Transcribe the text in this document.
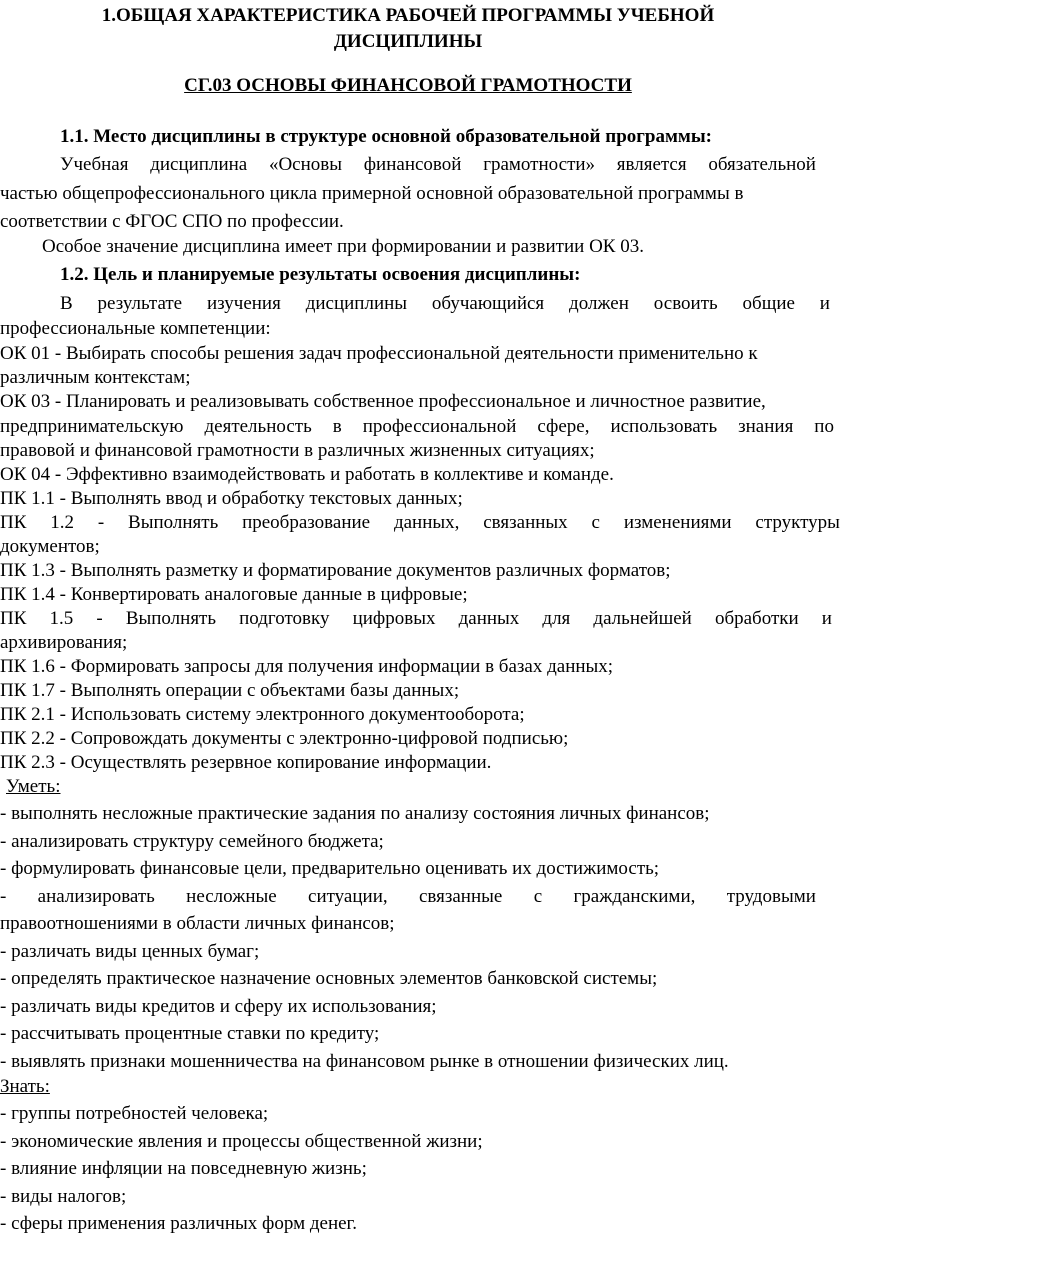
1.ОБЩАЯ ХАРАКТЕРИСТИКА РАБОЧЕЙ ПРОГРАММЫ УЧЕБНОЙ
ДИСЦИПЛИНЫ
СГ.03 ОСНОВЫ ФИНАНСОВОЙ ГРАМОТНОСТИ
1.1. Место дисциплины в структуре основной образовательной программы:
Учебная дисциплина «Основы финансовой грамотности» является обязательной
частью общепрофессионального цикла примерной основной образовательной программы в
соответствии с ФГОС СПО по профессии.
Особое значение дисциплина имеет при формировании и развитии ОК 03.
1.2. Цель и планируемые результаты освоения дисциплины:
В результате изучения дисциплины обучающийся должен освоить общие и
профессиональные компетенции:
ОК 01 - Выбирать способы решения задач профессиональной деятельности применительно к
различным контекстам;
ОК 03 - Планировать и реализовывать собственное профессиональное и личностное развитие,
предпринимательскую деятельность в профессиональной сфере, использовать знания по
правовой и финансовой грамотности в различных жизненных ситуациях;
ОК 04 - Эффективно взаимодействовать и работать в коллективе и команде.
ПК 1.1 - Выполнять ввод и обработку текстовых данных;
ПК 1.2 - Выполнять преобразование данных, связанных с изменениями структуры
документов;
ПК 1.3 - Выполнять разметку и форматирование документов различных форматов;
ПК 1.4 - Конвертировать аналоговые данные в цифровые;
ПК 1.5 - Выполнять подготовку цифровых данных для дальнейшей обработки и
архивирования;
ПК 1.6 - Формировать запросы для получения информации в базах данных;
ПК 1.7 - Выполнять операции с объектами базы данных;
ПК 2.1 - Использовать систему электронного документооборота;
ПК 2.2 - Сопровождать документы с электронно-цифровой подписью;
ПК 2.3 - Осуществлять резервное копирование информации.
Уметь:
- выполнять несложные практические задания по анализу состояния личных финансов;
- анализировать структуру семейного бюджета;
- формулировать финансовые цели, предварительно оценивать их достижимость;
- анализировать несложные ситуации, связанные с гражданскими, трудовыми
правоотношениями в области личных финансов;
- различать виды ценных бумаг;
- определять практическое назначение основных элементов банковской системы;
- различать виды кредитов и сферу их использования;
- рассчитывать процентные ставки по кредиту;
- выявлять признаки мошенничества на финансовом рынке в отношении физических лиц.
Знать:
- группы потребностей человека;
- экономические явления и процессы общественной жизни;
- влияние инфляции на повседневную жизнь;
- виды налогов;
- сферы применения различных форм денег.
